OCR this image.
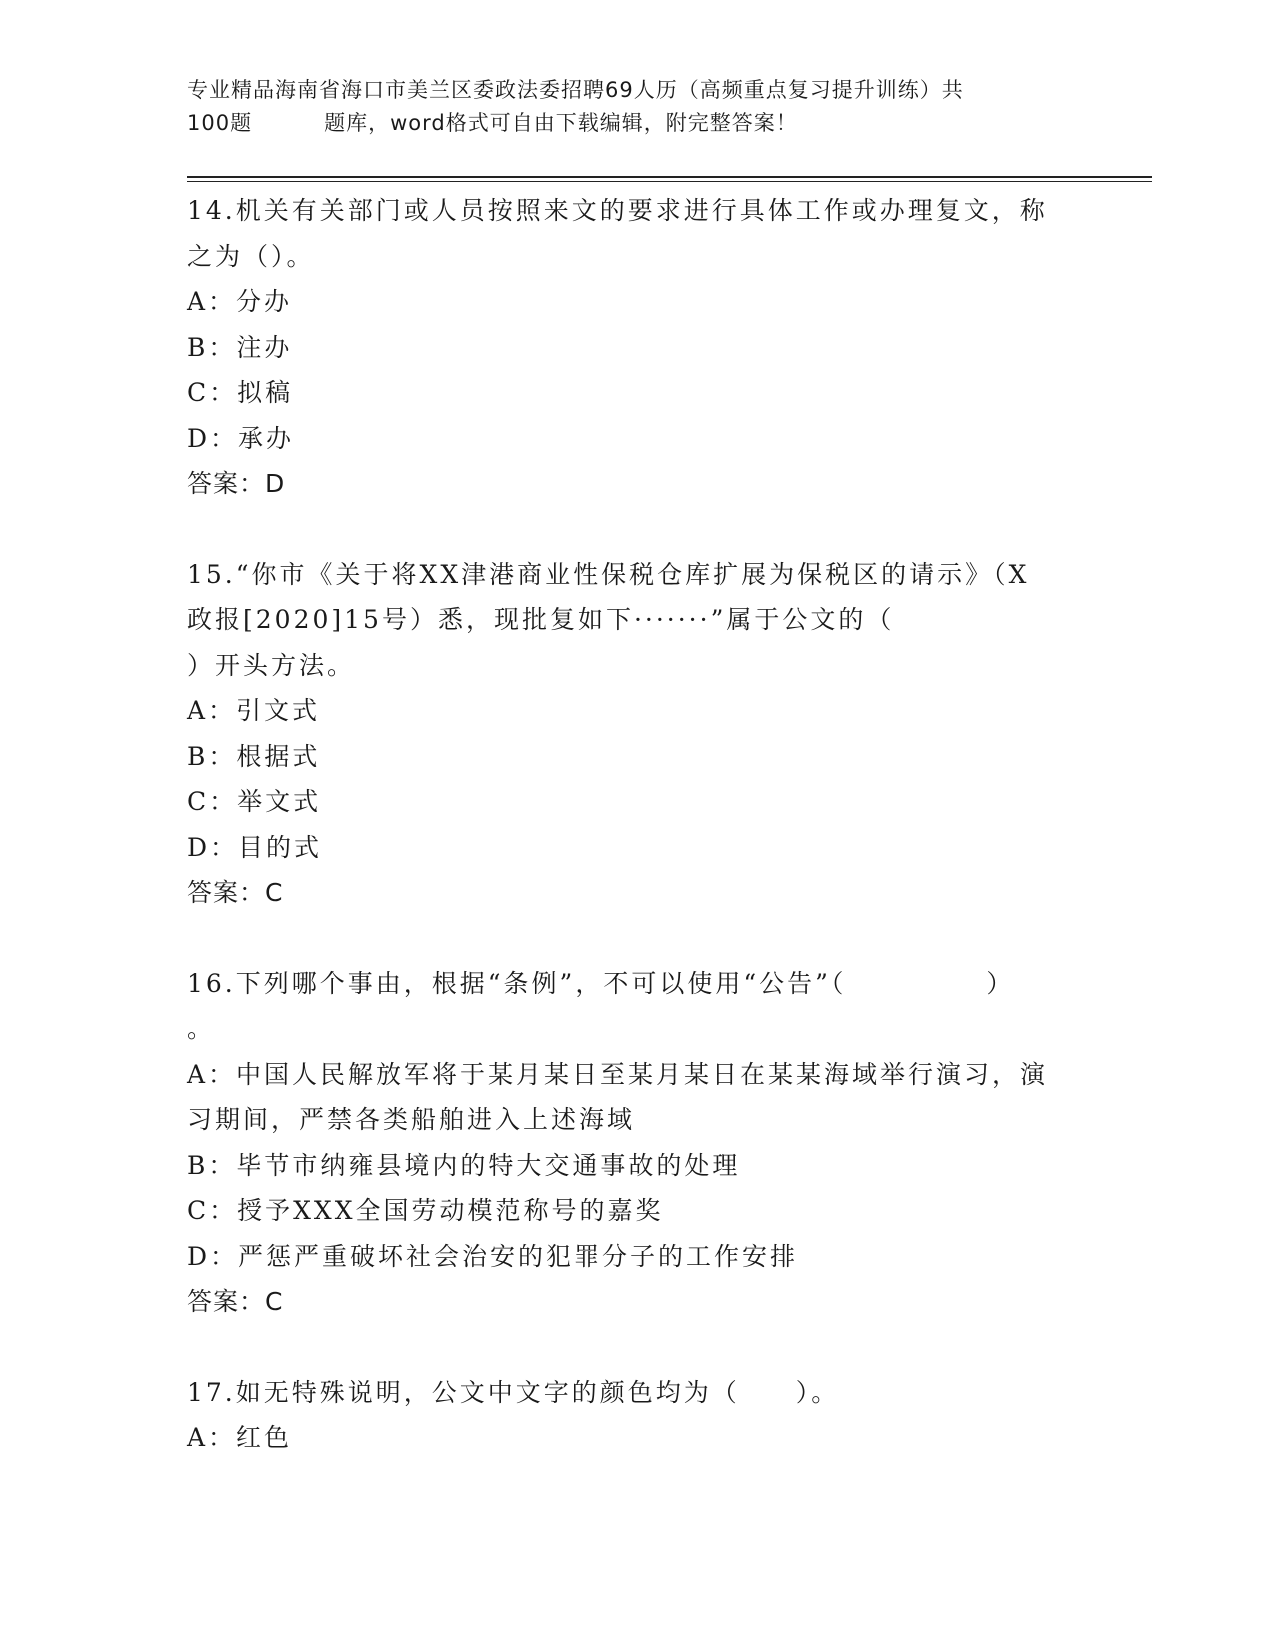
专业精品海南省海口市美兰区委政法委招聘69人历（高频重点复习提升训练）共
100题	题库，word格式可自由下载编辑，附完整答案！
14.机关有关部门或人员按照来文的要求进行具体工作或办理复文，称
之为（）。
A：分办
B：注办
C：拟稿
D：承办
答案：D
15.“你市《关于将XX津港商业性保税仓库扩展为保税区的请示》（X
政报[2020]15号）悉，现批复如下·······”属于公文的（
）开头方法。
A：引文式
B：根据式
C：举文式
D：目的式
答案：C
16.下列哪个事由，根据“条例”，不可以使用“公告”（　　　　　）
。
A：中国人民解放军将于某月某日至某月某日在某某海域举行演习，演
习期间，严禁各类船舶进入上述海域
B：毕节市纳雍县境内的特大交通事故的处理
C：授予XXX全国劳动模范称号的嘉奖
D：严惩严重破坏社会治安的犯罪分子的工作安排
答案：C
17.如无特殊说明，公文中文字的颜色均为（　　）。
A：红色
